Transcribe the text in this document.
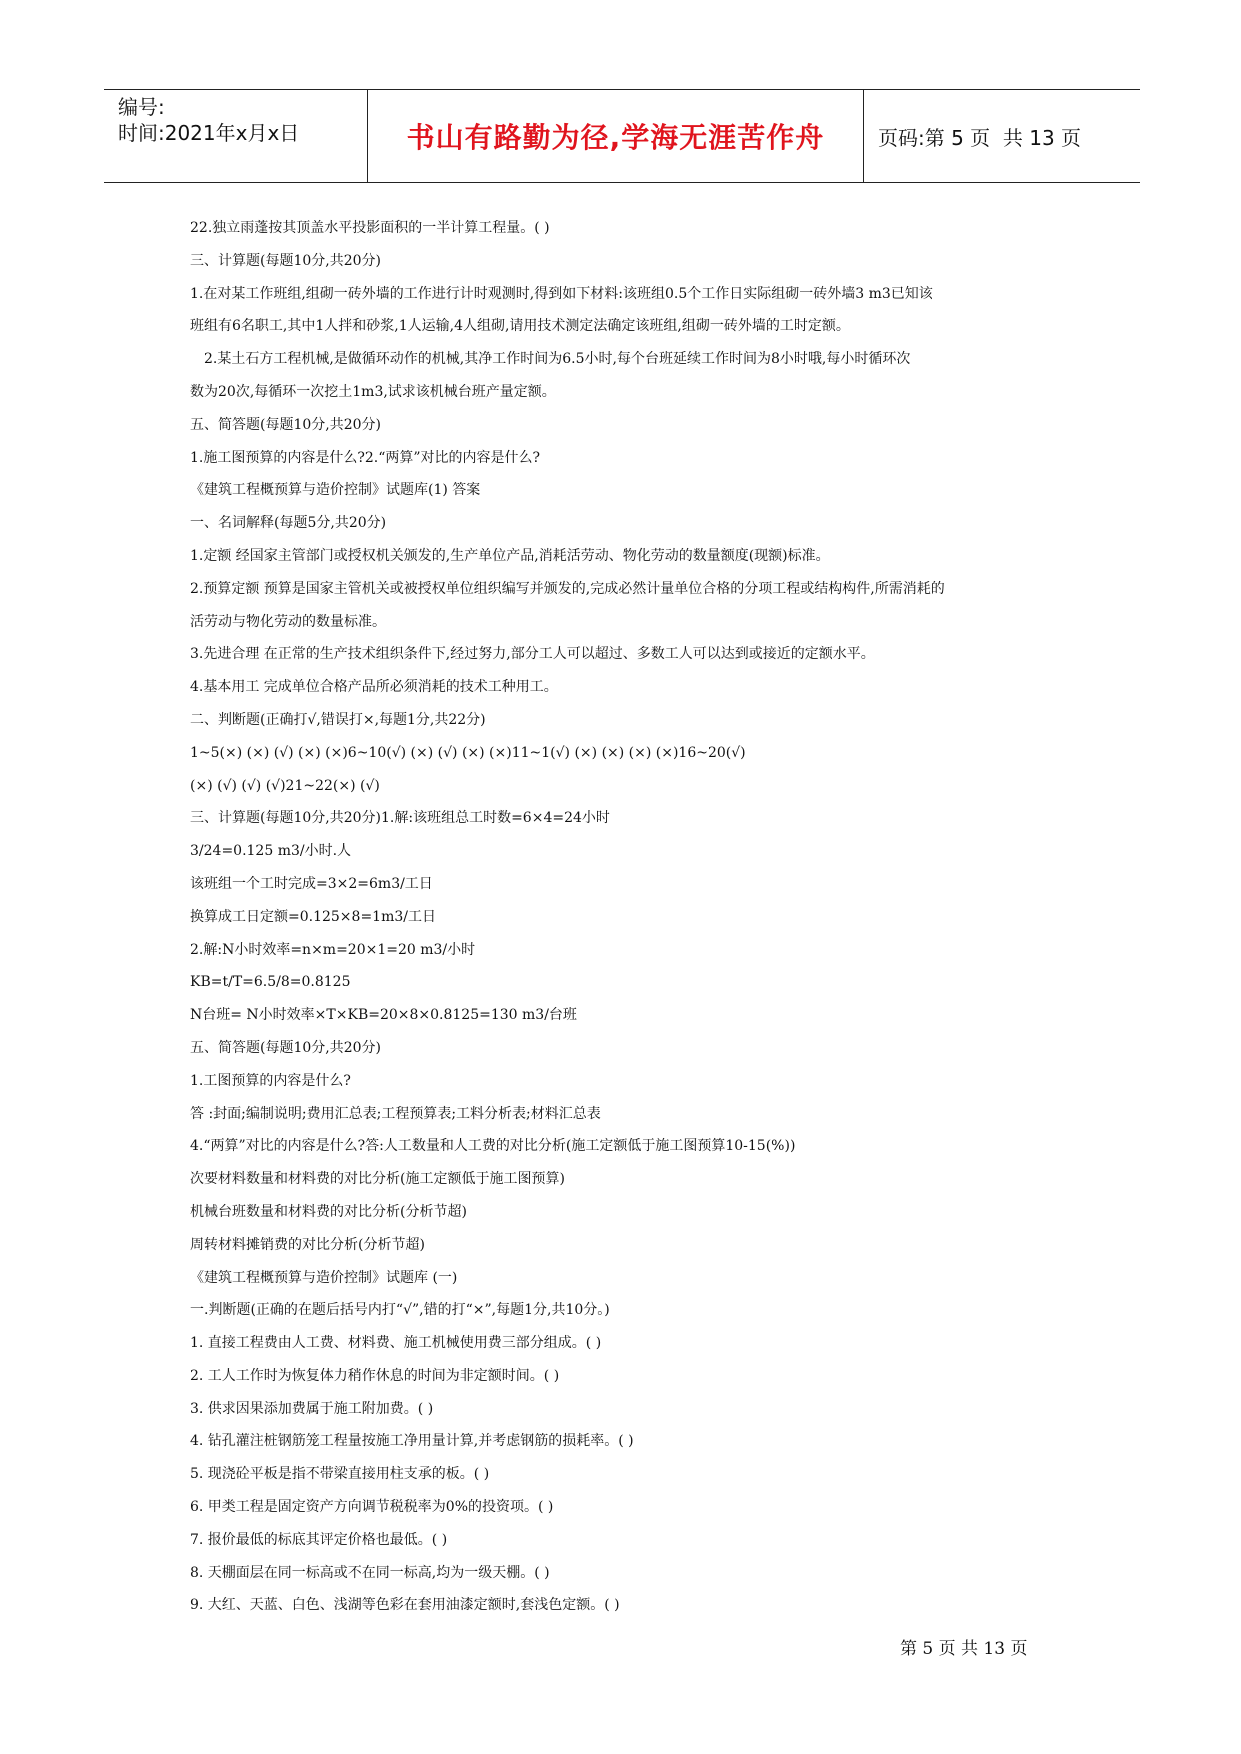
编号:
时间:2021年x月x日	书山有路勤为径,学海无涯苦作舟	页码:第 5 页  共 13 页
22.独立雨蓬按其顶盖水平投影面积的一半计算工程量。( )
三、计算题(每题10分,共20分)
1.在对某工作班组,组砌一砖外墙的工作进行计时观测时,得到如下材料:该班组0.5个工作日实际组砌一砖外墙3 m3已知该
班组有6名职工,其中1人拌和砂浆,1人运输,4人组砌,请用技术测定法确定该班组,组砌一砖外墙的工时定额。
2.某土石方工程机械,是做循环动作的机械,其净工作时间为6.5小时,每个台班延续工作时间为8小时哦,每小时循环次
数为20次,每循环一次挖土1m3,试求该机械台班产量定额。
五、简答题(每题10分,共20分)
1.施工图预算的内容是什么?2.“两算”对比的内容是什么?
《建筑工程概预算与造价控制》试题库(1) 答案
一、名词解释(每题5分,共20分)
1.定额 经国家主管部门或授权机关颁发的,生产单位产品,消耗活劳动、物化劳动的数量额度(现额)标准。
2.预算定额 预算是国家主管机关或被授权单位组织编写并颁发的,完成必然计量单位合格的分项工程或结构构件,所需消耗的
活劳动与物化劳动的数量标准。
3.先进合理 在正常的生产技术组织条件下,经过努力,部分工人可以超过、多数工人可以达到或接近的定额水平。
4.基本用工 完成单位合格产品所必须消耗的技术工种用工。
二、判断题(正确打√,错误打×,每题1分,共22分)
1~5(×) (×) (√) (×) (×)6~10(√) (×) (√) (×) (×)11~1(√) (×) (×) (×) (×)16~20(√)
(×) (√) (√) (√)21~22(×) (√)
三、计算题(每题10分,共20分)1.解:该班组总工时数=6×4=24小时
3/24=0.125 m3/小时.人
该班组一个工时完成=3×2=6m3/工日
换算成工日定额=0.125×8=1m3/工日
2.解:N小时效率=n×m=20×1=20 m3/小时
KB=t/T=6.5/8=0.8125
N台班= N小时效率×T×KB=20×8×0.8125=130 m3/台班
五、简答题(每题10分,共20分)
1.工图预算的内容是什么?
答 :封面;编制说明;费用汇总表;工程预算表;工料分析表;材料汇总表
4.“两算”对比的内容是什么?答:人工数量和人工费的对比分析(施工定额低于施工图预算10-15(%))
次要材料数量和材料费的对比分析(施工定额低于施工图预算)
机械台班数量和材料费的对比分析(分析节超)
周转材料摊销费的对比分析(分析节超)
《建筑工程概预算与造价控制》试题库 (一)
一.判断题(正确的在题后括号内打“√”,错的打“×”,每题1分,共10分。)
1. 直接工程费由人工费、材料费、施工机械使用费三部分组成。( )
2. 工人工作时为恢复体力稍作休息的时间为非定额时间。( )
3. 供求因果添加费属于施工附加费。( )
4. 钻孔灌注桩钢筋笼工程量按施工净用量计算,并考虑钢筋的损耗率。( )
5. 现浇砼平板是指不带梁直接用柱支承的板。( )
6. 甲类工程是固定资产方向调节税税率为0%的投资项。( )
7. 报价最低的标底其评定价格也最低。( )
8. 天棚面层在同一标高或不在同一标高,均为一级天棚。( )
9. 大红、天蓝、白色、浅湖等色彩在套用油漆定额时,套浅色定额。( )
第 5 页 共 13 页
